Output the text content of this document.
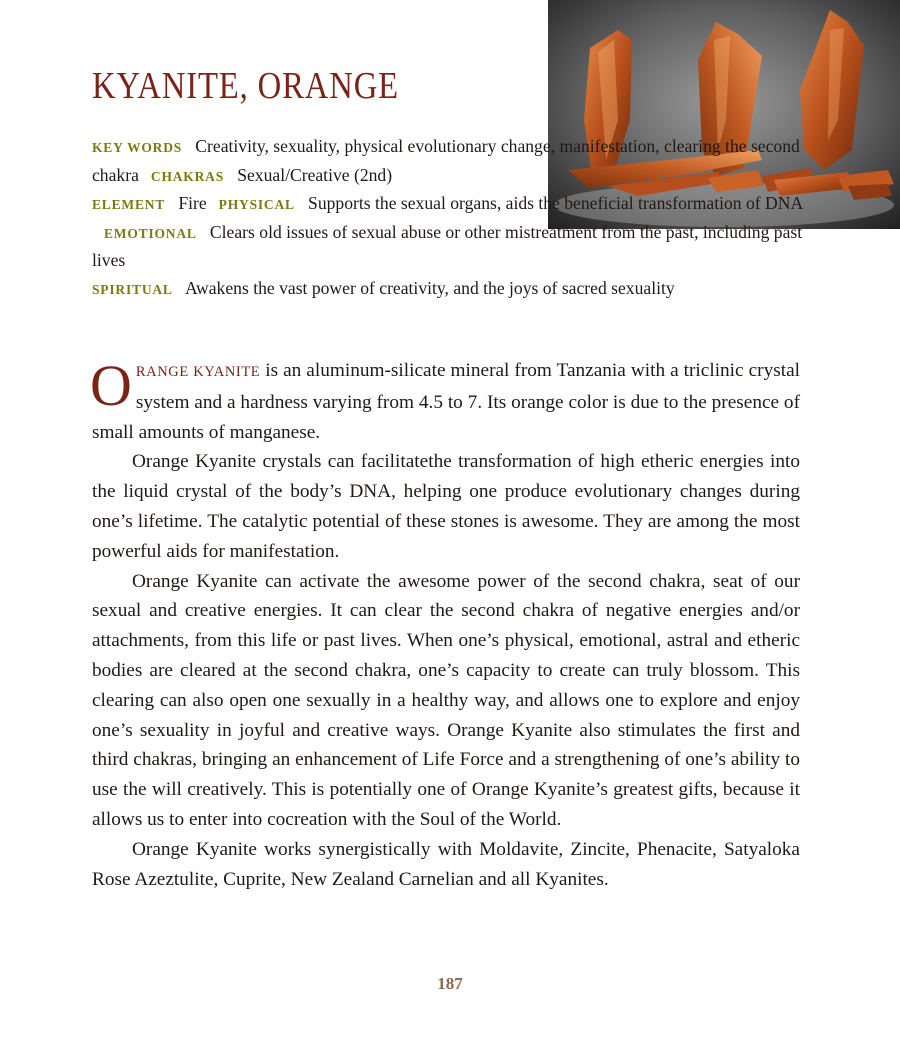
KYANITE, ORANGE
KEY WORDS Creativity, sexuality, physical evolutionary change, manifestation, clearing the second chakra CHAKRAS Sexual/Creative (2nd)
ELEMENT Fire PHYSICAL Supports the sexual organs, aids the beneficial transformation of DNAEMOTIONAL Clears old issues of sexual abuse or other mistreatment from the past, including past lives
SPIRITUAL Awakens the vast power of creativity, and the joys of sacred sexuality

ORANGE KYANITE is an aluminum-silicate mineral from Tanzania with a triclinic crystal system and a hardness varying from 4.5 to 7. Its orange color is due to the presence of small amounts of manganese.

Orange Kyanite crystals can facilitatethe transformation of high etheric energies into the liquid crystal of the body’s DNA, helping one produce evolutionary changes during one’s lifetime. The catalytic potential of these stones is awesome. They are among the most powerful aids for manifestation.

Orange Kyanite can activate the awesome power of the second chakra, seat of our sexual and creative energies. It can clear the second chakra of negative energies and/or attachments, from this life or past lives. When one’s physical, emotional, astral and etheric bodies are cleared at the second chakra, one’s capacity to create can truly blossom. This clearing can also open one sexually in a healthy way, and allows one to explore and enjoy one’s sexuality in joyful and creative ways. Orange Kyanite also stimulates the first and third chakras, bringing an enhancement of Life Force and a strengthening of one’s ability to use the will creatively. This is potentially one of Orange Kyanite’s greatest gifts, because it allows us to enter into cocreation with the Soul of the World.

Orange Kyanite works synergistically with Moldavite, Zincite, Phenacite, Satyaloka Rose Azeztulite, Cuprite, New Zealand Carnelian and all Kyanites.

187
